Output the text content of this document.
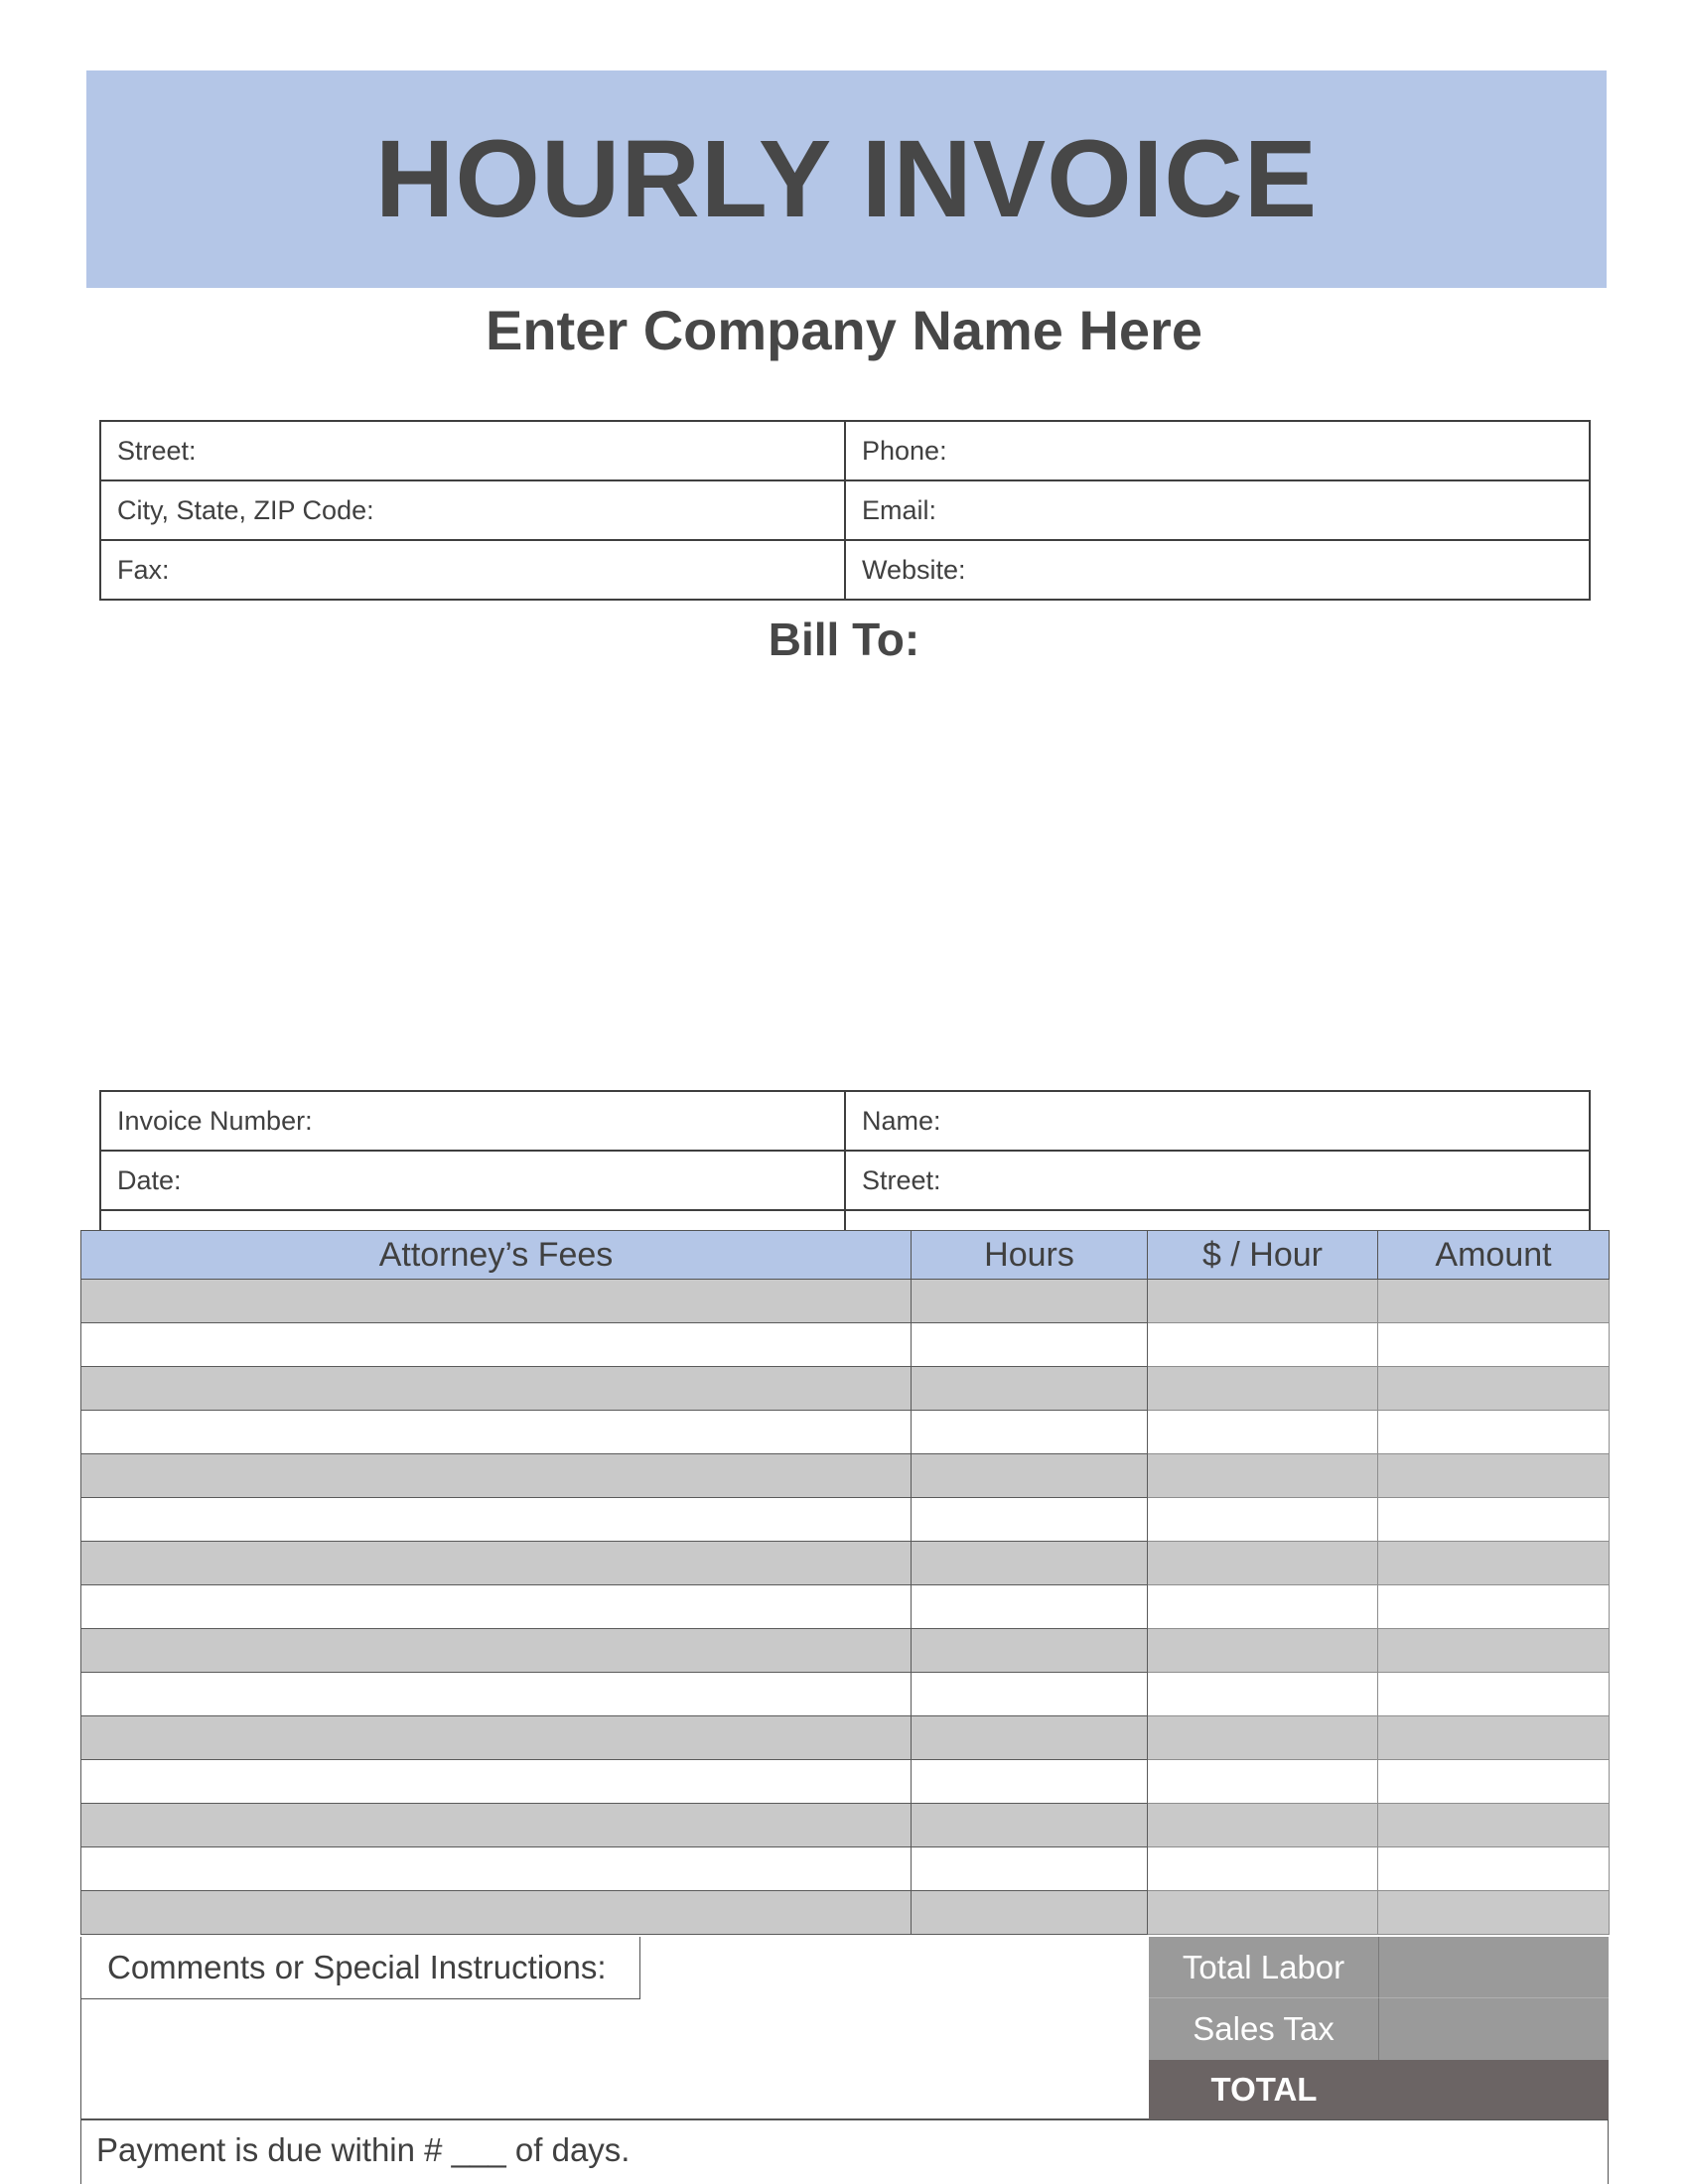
HOURLY INVOICE
Enter Company Name Here
Street:	Phone:
City, State, ZIP Code:	Email:
Fax:	Website:
Bill To:
Invoice Number:	Name:
Date:	Street:

Attorney’s Fees	Hours	$ / Hour	Amount

Comments or Special Instructions:	Total Labor
Sales Tax
TOTAL
Payment is due within # ___ of days.
